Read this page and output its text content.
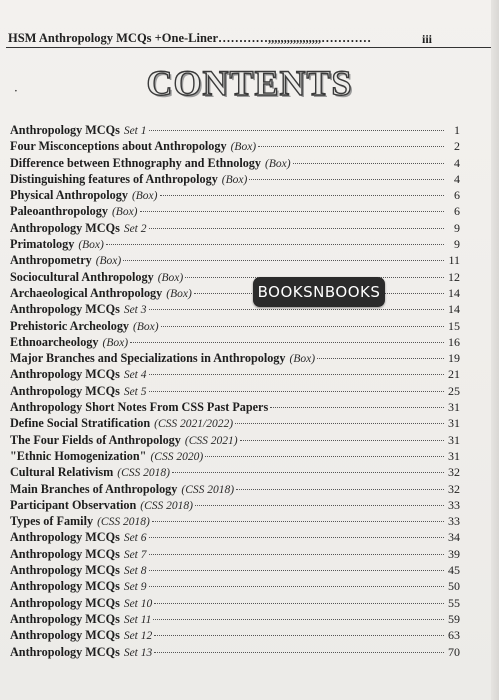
HSM Anthropology MCQs +One-Liner…………,,,,,,,,,,,,,,,,,…………	iii
·	CONTENTS
Anthropology MCQs Set 1	1
Four Misconceptions about Anthropology (Box)	2
Difference between Ethnography and Ethnology (Box)	4
Distinguishing features of Anthropology (Box)	4
Physical Anthropology (Box)	6
Paleoanthropology (Box)	6
Anthropology MCQs Set 2	9
Primatology (Box)	9
Anthropometry (Box)	11
Sociocultural Anthropology (Box)	12
Archaeological Anthropology (Box)	14
Anthropology MCQs Set 3	14
Prehistoric Archeology (Box)	15
Ethnoarcheology (Box)	16
Major Branches and Specializations in Anthropology (Box)	19
Anthropology MCQs Set 4	21
Anthropology MCQs Set 5	25
Anthropology Short Notes From CSS Past Papers	31
Define Social Stratification (CSS 2021/2022)	31
The Four Fields of Anthropology (CSS 2021)	31
"Ethnic Homogenization" (CSS 2020)	31
Cultural Relativism (CSS 2018)	32
Main Branches of Anthropology (CSS 2018)	32
Participant Observation (CSS 2018)	33
Types of Family (CSS 2018)	33
Anthropology MCQs Set 6	34
Anthropology MCQs Set 7	39
Anthropology MCQs Set 8	45
Anthropology MCQs Set 9	50
Anthropology MCQs Set 10	55
Anthropology MCQs Set 11	59
Anthropology MCQs Set 12	63
Anthropology MCQs Set 13	70
BOOKSNBOOKS
